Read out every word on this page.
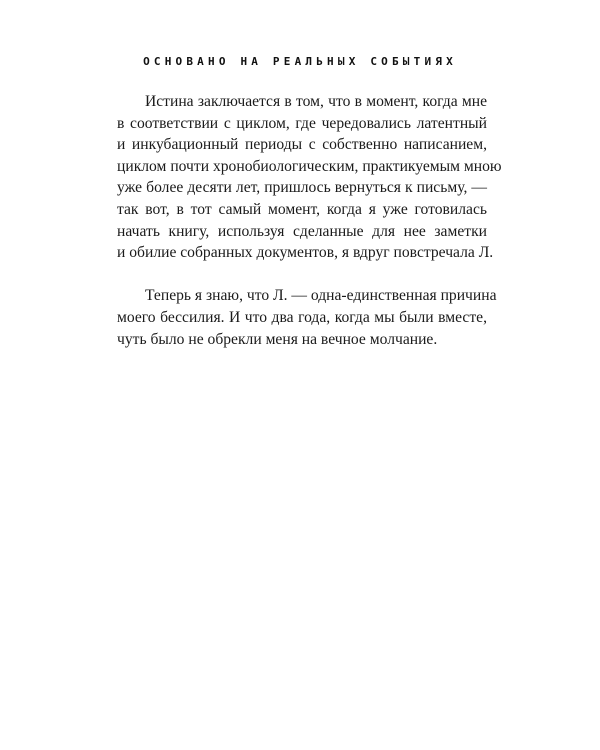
ОСНОВАНО НА РЕАЛЬНЫХ СОБЫТИЯХ

Истина заключается в том, что в момент, когда мне
в соответствии с циклом, где чередовались латентный
и инкубационный периоды с собственно написанием,
циклом почти хронобиологическим, практикуемым мною
уже более десяти лет, пришлось вернуться к письму, —
так вот, в тот самый момент, когда я уже готовилась
начать книгу, используя сделанные для нее заметки
и обилие собранных документов, я вдруг повстречала Л.

Теперь я знаю, что Л. — одна-единственная причина
моего бессилия. И что два года, когда мы были вместе,
чуть было не обрекли меня на вечное молчание.
